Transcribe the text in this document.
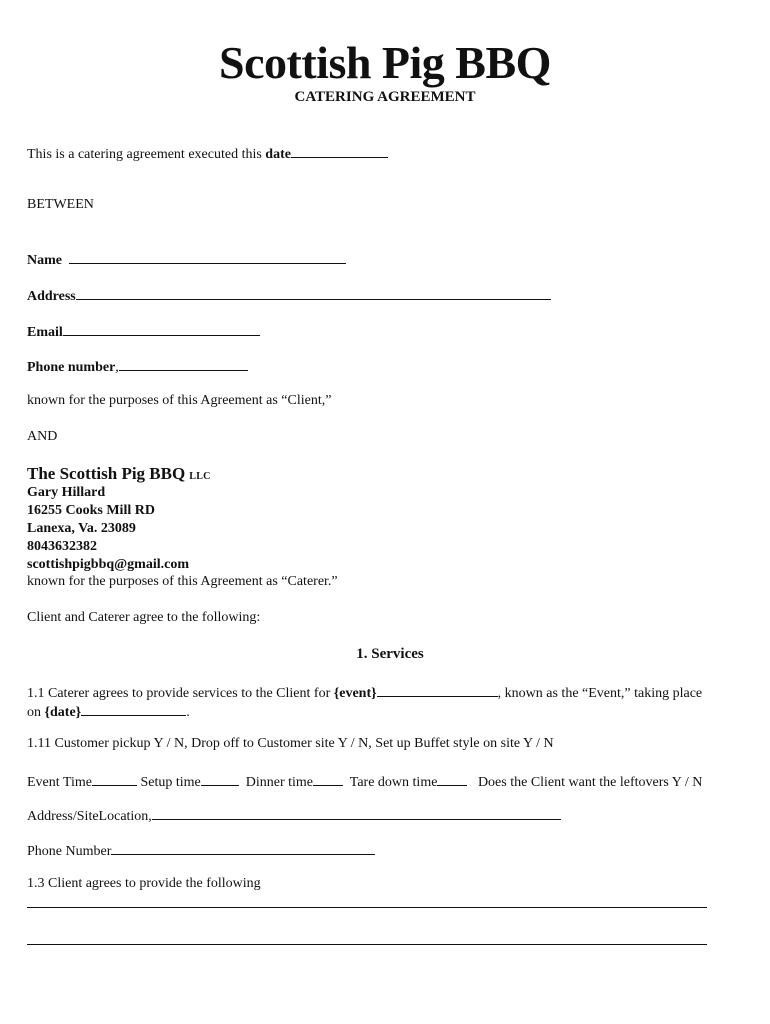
Scottish Pig BBQ
CATERING AGREEMENT
This is a catering agreement executed this date
BETWEEN
Name
Address
Email
Phone number,
known for the purposes of this Agreement as “Client,”
AND
The Scottish Pig BBQ LLC
Gary Hillard
16255 Cooks Mill RD
Lanexa, Va. 23089
8043632382
scottishpigbbq@gmail.com
known for the purposes of this Agreement as “Caterer.”
Client and Caterer agree to the following:
1. Services
1.1 Caterer agrees to provide services to the Client for {event}	, known as the “Event,” taking place
on {date}	.
1.11 Customer pickup Y / N, Drop off to Customer site Y / N, Set up Buffet style on site Y / N
Event Time	Setup time	Dinner time	Tare down time	Does the Client want the leftovers Y / N
Address/SiteLocation,
Phone Number
1.3 Client agrees to provide the following
